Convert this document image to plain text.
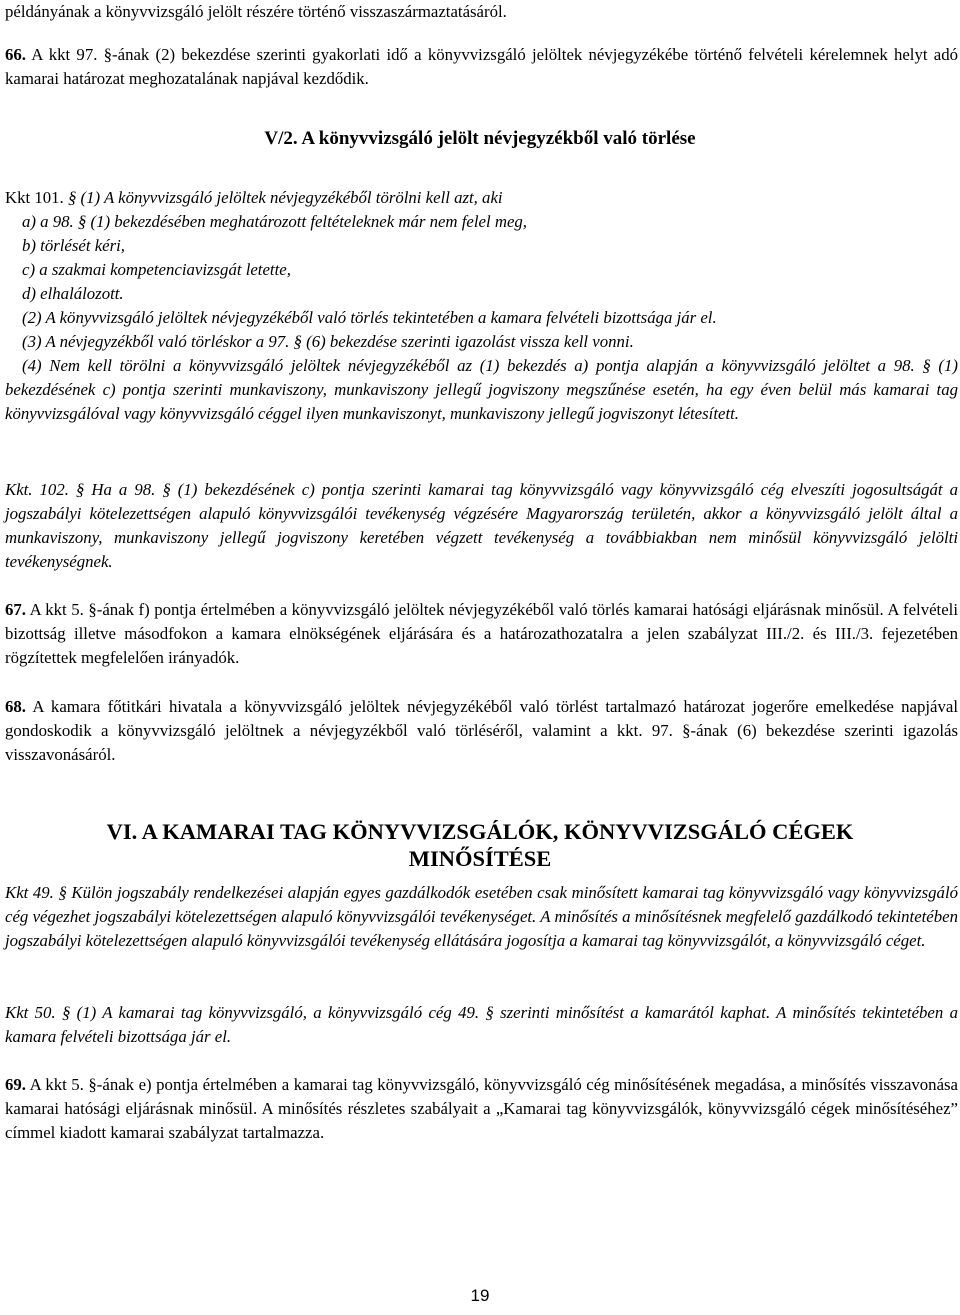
példányának a könyvvizsgáló jelölt részére történő visszaszármaztatásáról.
66. A kkt 97. §-ának (2) bekezdése szerinti gyakorlati idő a könyvvizsgáló jelöltek névjegyzékébe történő felvételi kérelemnek helyt adó kamarai határozat meghozatalának napjával kezdődik.
V/2. A könyvvizsgáló jelölt névjegyzékből való törlése
Kkt 101. § (1) A könyvvizsgáló jelöltek névjegyzékéből törölni kell azt, aki
a) a 98. § (1) bekezdésében meghatározott feltételeknek már nem felel meg,
b) törlését kéri,
c) a szakmai kompetenciavizsgát letette,
d) elhalálozott.
(2) A könyvvizsgáló jelöltek névjegyzékéből való törlés tekintetében a kamara felvételi bizottsága jár el.
(3) A névjegyzékből való törléskor a 97. § (6) bekezdése szerinti igazolást vissza kell vonni.
(4) Nem kell törölni a könyvvizsgáló jelöltek névjegyzékéből az (1) bekezdés a) pontja alapján a könyvvizsgáló jelöltet a 98. § (1) bekezdésének c) pontja szerinti munkaviszony, munkaviszony jellegű jogviszony megszűnése esetén, ha egy éven belül más kamarai tag könyvvizsgálóval vagy könyvvizsgáló céggel ilyen munkaviszonyt, munkaviszony jellegű jogviszonyt létesített.
Kkt. 102. § Ha a 98. § (1) bekezdésének c) pontja szerinti kamarai tag könyvvizsgáló vagy könyvvizsgáló cég elveszíti jogosultságát a jogszabályi kötelezettségen alapuló könyvvizsgálói tevékenység végzésére Magyarország területén, akkor a könyvvizsgáló jelölt által a munkaviszony, munkaviszony jellegű jogviszony keretében végzett tevékenység a továbbiakban nem minősül könyvvizsgáló jelölti tevékenységnek.
67. A kkt 5. §-ának f) pontja értelmében a könyvvizsgáló jelöltek névjegyzékéből való törlés kamarai hatósági eljárásnak minősül. A felvételi bizottság illetve másodfokon a kamara elnökségének eljárására és a határozathozatalra a jelen szabályzat III./2. és III./3. fejezetében rögzítettek megfelelően irányadók.
68. A kamara főtitkári hivatala a könyvvizsgáló jelöltek névjegyzékéből való törlést tartalmazó határozat jogerőre emelkedése napjával gondoskodik a könyvvizsgáló jelöltnek a névjegyzékből való törléséről, valamint a kkt. 97. §-ának (6) bekezdése szerinti igazolás visszavonásáról.
VI. A KAMARAI TAG KÖNYVVIZSGÁLÓK, KÖNYVVIZSGÁLÓ CÉGEK
MINŐSÍTÉSE
Kkt 49. § Külön jogszabály rendelkezései alapján egyes gazdálkodók esetében csak minősített kamarai tag könyvvizsgáló vagy könyvvizsgáló cég végezhet jogszabályi kötelezettségen alapuló könyvvizsgálói tevékenységet. A minősítés a minősítésnek megfelelő gazdálkodó tekintetében jogszabályi kötelezettségen alapuló könyvvizsgálói tevékenység ellátására jogosítja a kamarai tag könyvvizsgálót, a könyvvizsgáló céget.
Kkt 50. § (1) A kamarai tag könyvvizsgáló, a könyvvizsgáló cég 49. § szerinti minősítést a kamarától kaphat. A minősítés tekintetében a kamara felvételi bizottsága jár el.
69. A kkt 5. §-ának e) pontja értelmében a kamarai tag könyvvizsgáló, könyvvizsgáló cég minősítésének megadása, a minősítés visszavonása kamarai hatósági eljárásnak minősül. A minősítés részletes szabályait a „Kamarai tag könyvvizsgálók, könyvvizsgáló cégek minősítéséhez” címmel kiadott kamarai szabályzat tartalmazza.
19
